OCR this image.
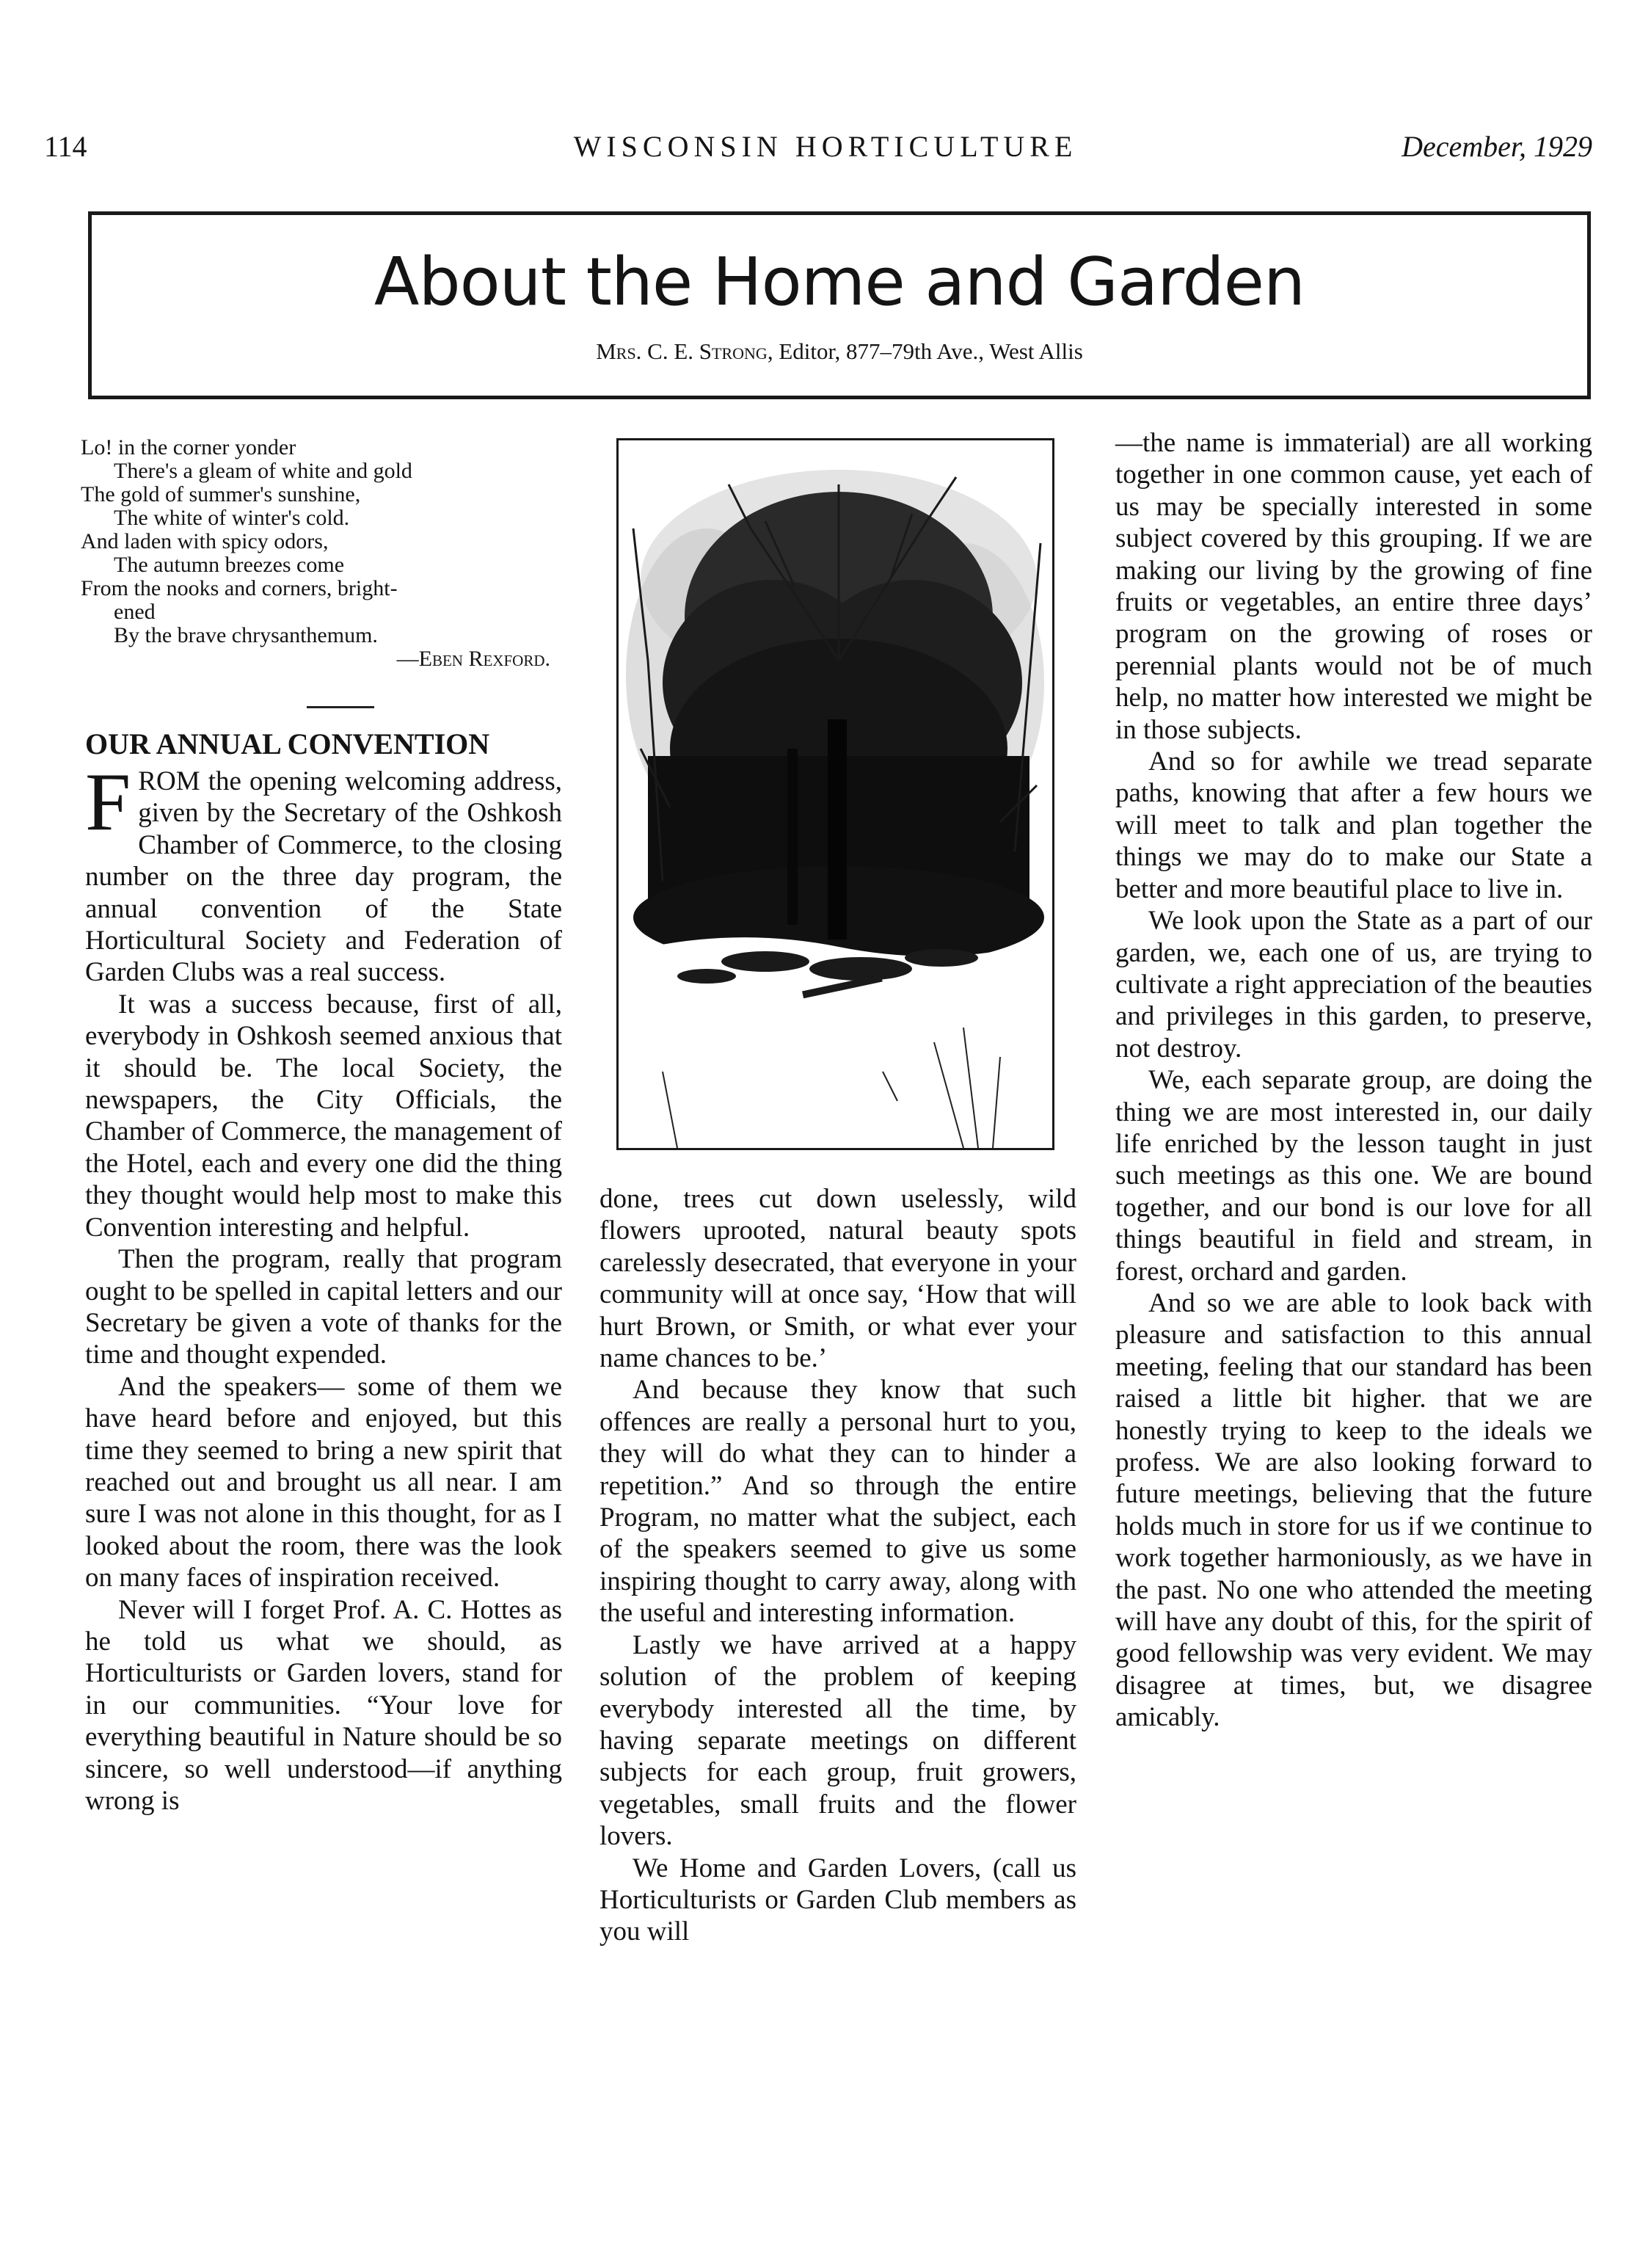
114	WISCONSIN HORTICULTURE	December, 1929
About the Home and Garden
Mrs. C. E. Strong, Editor, 877–79th Ave., West Allis
Lo! in the corner yonder
There's a gleam of white and gold
The gold of summer's sunshine,
The white of winter's cold.
And laden with spicy odors,
The autumn breezes come
From the nooks and corners, bright-
ened
By the brave chrysanthemum.
—Eben Rexford.
OUR ANNUAL CONVENTION

FROM the opening welcoming address, given by the Secretary of the Oshkosh Chamber of Commerce, to the closing number on the three day program, the annual convention of the State Horticultural Society and Federation of Garden Clubs was a real success.

It was a success because, first of all, everybody in Oshkosh seemed anxious that it should be. The local Society, the newspapers, the City Officials, the Chamber of Commerce, the management of the Hotel, each and every one did the thing they thought would help most to make this Convention interesting and helpful.

Then the program, really that program ought to be spelled in capital letters and our Secretary be given a vote of thanks for the time and thought expended.

And the speakers— some of them we have heard before and enjoyed, but this time they seemed to bring a new spirit that reached out and brought us all near. I am sure I was not alone in this thought, for as I looked about the room, there was the look on many faces of inspiration received.

Never will I forget Prof. A. C. Hottes as he told us what we should, as Horticulturists or Garden lovers, stand for in our communities. “Your love for everything beautiful in Nature should be so sincere, so well understood—if anything wrong is

done, trees cut down uselessly, wild flowers uprooted, natural beauty spots carelessly desecrated, that everyone in your community will at once say, ‘How that will hurt Brown, or Smith, or what ever your name chances to be.’

And because they know that such offences are really a personal hurt to you, they will do what they can to hinder a repetition.” And so through the entire Program, no matter what the subject, each of the speakers seemed to give us some inspiring thought to carry away, along with the useful and interesting information.

Lastly we have arrived at a happy solution of the problem of keeping everybody interested all the time, by having separate meetings on different subjects for each group, fruit growers, vegetables, small fruits and the flower lovers.

We Home and Garden Lovers, (call us Horticulturists or Garden Club members as you will

—the name is immaterial) are all working together in one common cause, yet each of us may be specially interested in some subject covered by this grouping. If we are making our living by the growing of fine fruits or vegetables, an entire three days’ program on the growing of roses or perennial plants would not be of much help, no matter how interested we might be in those subjects.

And so for awhile we tread separate paths, knowing that after a few hours we will meet to talk and plan together the things we may do to make our State a better and more beautiful place to live in.

We look upon the State as a part of our garden, we, each one of us, are trying to cultivate a right appreciation of the beauties and privileges in this garden, to preserve, not destroy.

We, each separate group, are doing the thing we are most interested in, our daily life enriched by the lesson taught in just such meetings as this one. We are bound together, and our bond is our love for all things beautiful in field and stream, in forest, orchard and garden.

And so we are able to look back with pleasure and satisfaction to this annual meeting, feeling that our standard has been raised a little bit higher. that we are honestly trying to keep to the ideals we profess. We are also looking forward to future meetings, believing that the future holds much in store for us if we continue to work together harmoniously, as we have in the past. No one who attended the meeting will have any doubt of this, for the spirit of good fellowship was very evident. We may disagree at times, but, we disagree amicably.
